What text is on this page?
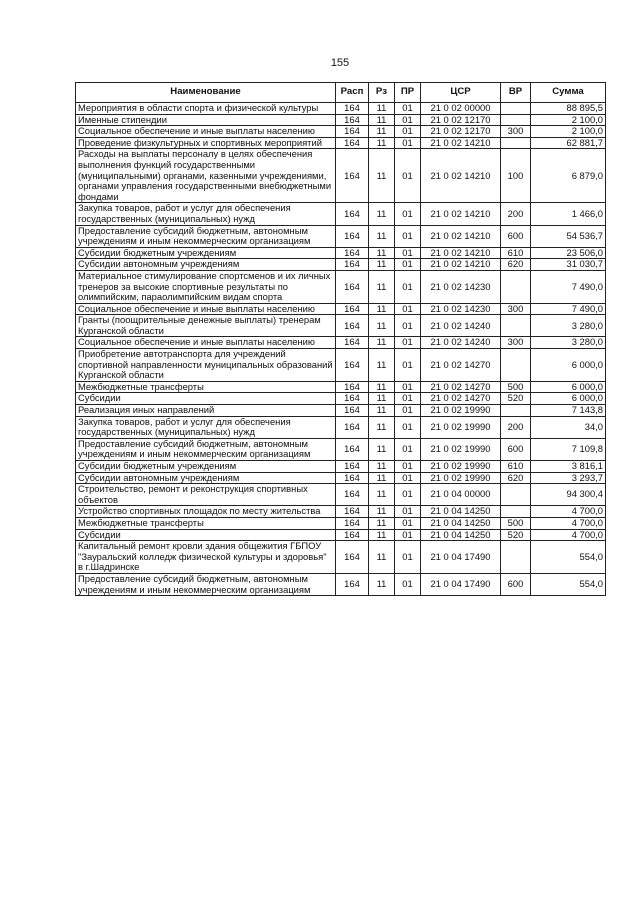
155
Наименование	Расп	Рз	ПР	ЦСР	ВР	Сумма
Мероприятия в области спорта и физической культуры	164	11	01	21 0 02 00000		88 895,5
Именные стипендии	164	11	01	21 0 02 12170		2 100,0
Социальное обеспечение и иные выплаты населению	164	11	01	21 0 02 12170	300	2 100,0
Проведение физкультурных и спортивных мероприятий	164	11	01	21 0 02 14210		62 881,7
Расходы на выплаты персоналу в целях обеспечения выполнения функций государственными (муниципальными) органами, казенными учреждениями, органами управления государственными внебюджетными фондами	164	11	01	21 0 02 14210	100	6 879,0
Закупка товаров, работ и услуг для обеспечения государственных (муниципальных) нужд	164	11	01	21 0 02 14210	200	1 466,0
Предоставление субсидий бюджетным, автономным учреждениям и иным некоммерческим организациям	164	11	01	21 0 02 14210	600	54 536,7
Субсидии бюджетным учреждениям	164	11	01	21 0 02 14210	610	23 506,0
Субсидии автономным учреждениям	164	11	01	21 0 02 14210	620	31 030,7
Материальное стимулирование спортсменов и их личных тренеров за высокие спортивные результаты по олимпийским, параолимпийским видам спорта	164	11	01	21 0 02 14230		7 490,0
Социальное обеспечение и иные выплаты населению	164	11	01	21 0 02 14230	300	7 490,0
Гранты (поощрительные денежные выплаты) тренерам Курганской области	164	11	01	21 0 02 14240		3 280,0
Социальное обеспечение и иные выплаты населению	164	11	01	21 0 02 14240	300	3 280,0
Приобретение автотранспорта для учреждений спортивной направленности муниципальных образований Курганской области	164	11	01	21 0 02 14270		6 000,0
Межбюджетные трансферты	164	11	01	21 0 02 14270	500	6 000,0
Субсидии	164	11	01	21 0 02 14270	520	6 000,0
Реализация иных направлений	164	11	01	21 0 02 19990		7 143,8
Закупка товаров, работ и услуг для обеспечения государственных (муниципальных) нужд	164	11	01	21 0 02 19990	200	34,0
Предоставление субсидий бюджетным, автономным учреждениям и иным некоммерческим организациям	164	11	01	21 0 02 19990	600	7 109,8
Субсидии бюджетным учреждениям	164	11	01	21 0 02 19990	610	3 816,1
Субсидии автономным учреждениям	164	11	01	21 0 02 19990	620	3 293,7
Строительство, ремонт и реконструкция спортивных объектов	164	11	01	21 0 04 00000		94 300,4
Устройство спортивных площадок по месту жительства	164	11	01	21 0 04 14250		4 700,0
Межбюджетные трансферты	164	11	01	21 0 04 14250	500	4 700,0
Субсидии	164	11	01	21 0 04 14250	520	4 700,0
Капитальный ремонт кровли здания общежития ГБПОУ "Зауральский колледж физической культуры и здоровья" в г.Шадринске	164	11	01	21 0 04 17490		554,0
Предоставление субсидий бюджетным, автономным учреждениям и иным некоммерческим организациям	164	11	01	21 0 04 17490	600	554,0
